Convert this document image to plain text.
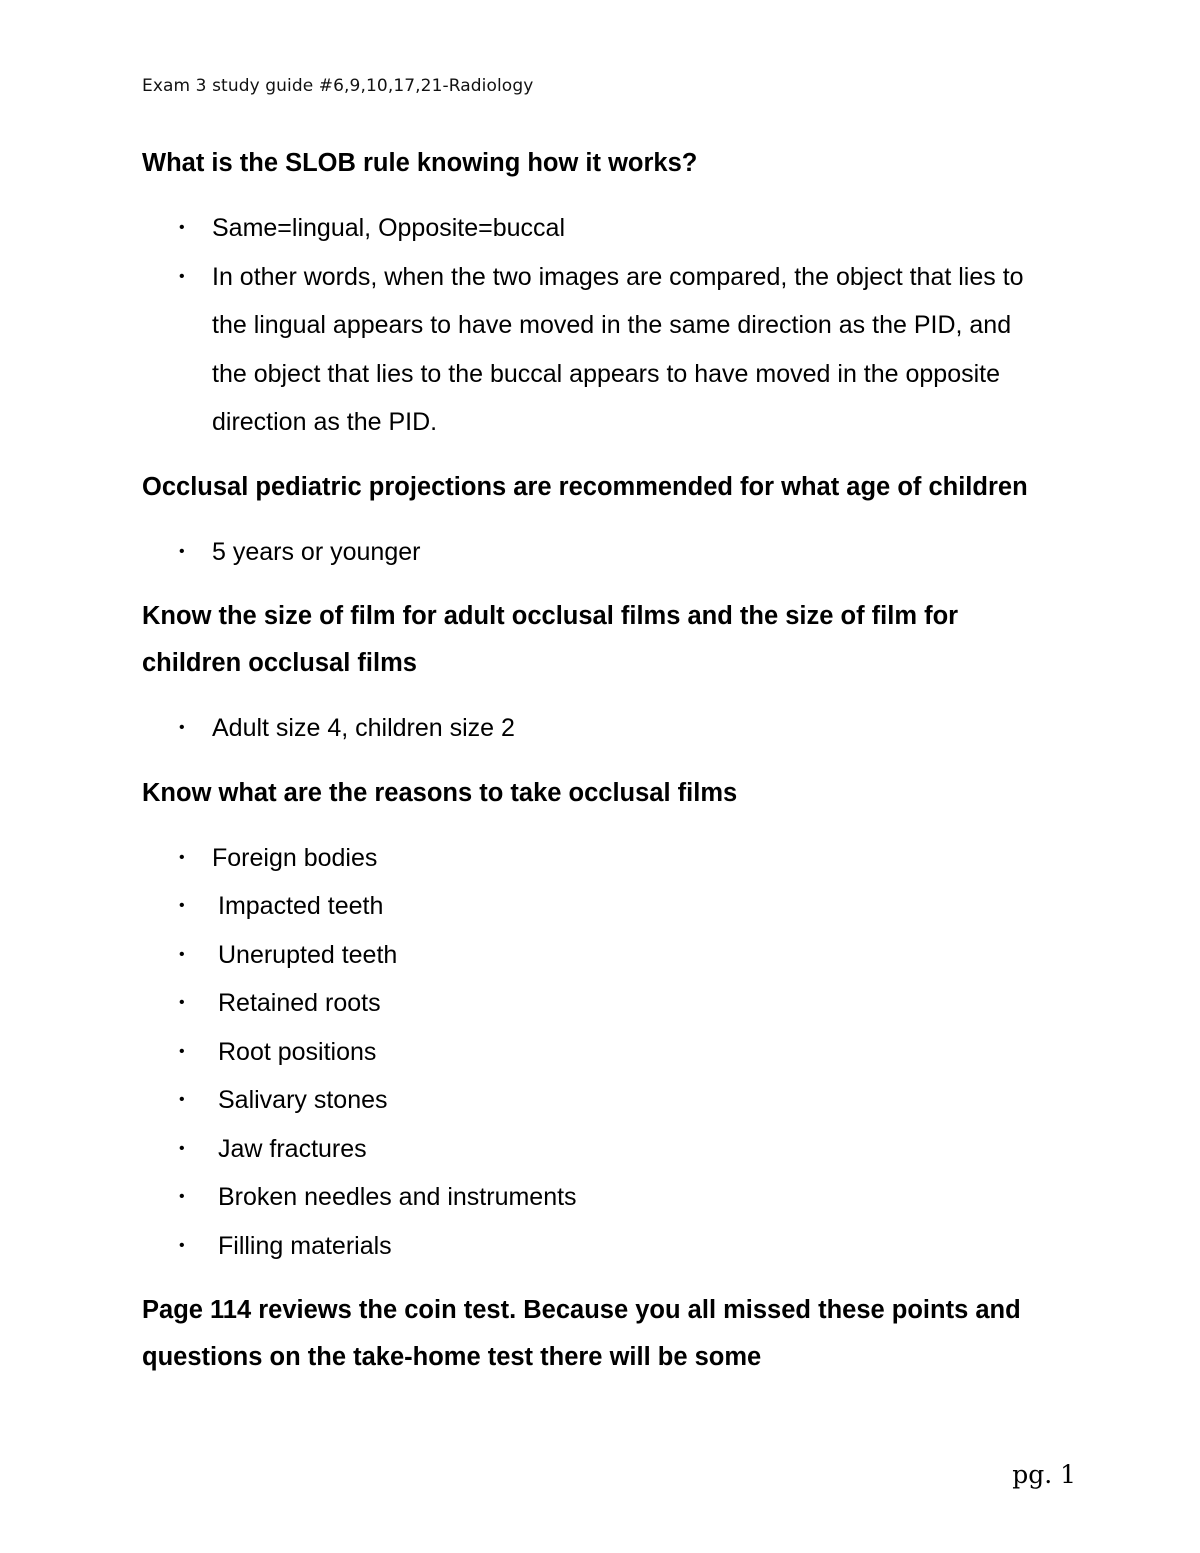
Exam 3 study guide #6,9,10,17,21-Radiology
What is the SLOB rule knowing how it works?
• Same=lingual, Opposite=buccal
• In other words, when the two images are compared, the object that lies to the lingual appears to have moved in the same direction as the PID, and the object that lies to the buccal appears to have moved in the opposite direction as the PID.
Occlusal pediatric projections are recommended for what age of children
• 5 years or younger
Know the size of film for adult occlusal films and the size of film for children occlusal films
• Adult size 4, children size 2
Know what are the reasons to take occlusal films
• Foreign bodies
• Impacted teeth
• Unerupted teeth
• Retained roots
• Root positions
• Salivary stones
• Jaw fractures
• Broken needles and instruments
• Filling materials
Page 114 reviews the coin test. Because you all missed these points and questions on the take-home test there will be some
pg. 1
